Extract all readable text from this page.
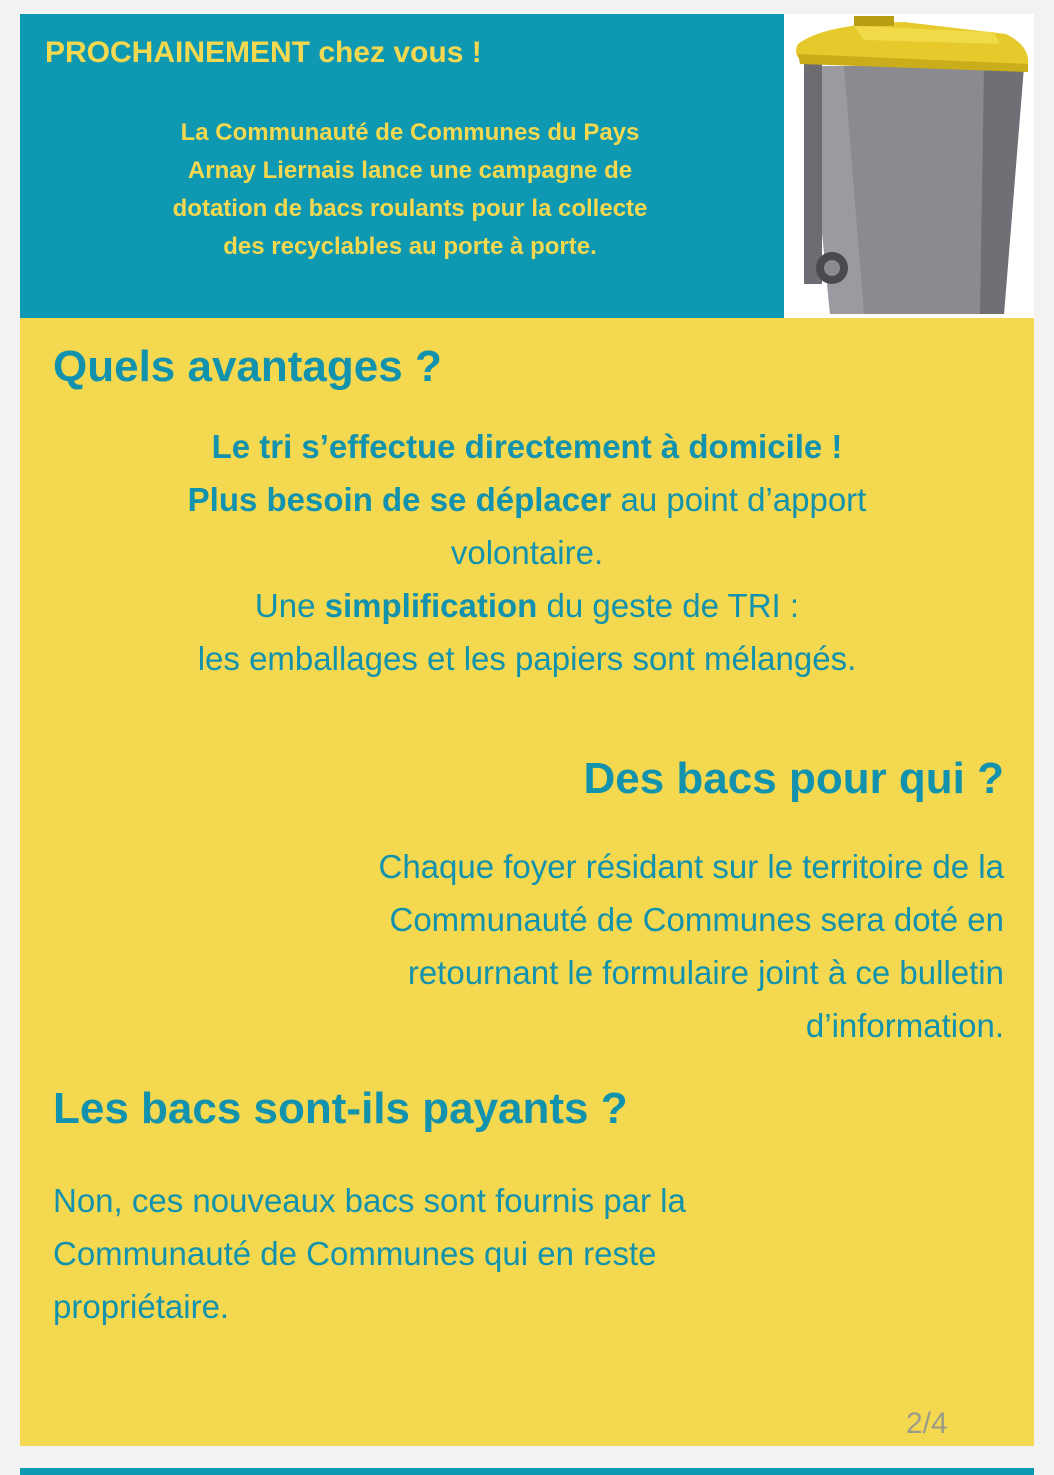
PROCHAINEMENT chez vous !
La Communauté de Communes du Pays
Arnay Liernais lance une campagne de
dotation de bacs roulants pour la collecte
des recyclables au porte à porte.
Quels avantages ?
Le tri s’effectue directement à domicile !
Plus besoin de se déplacer au point d’apport
volontaire.
Une simplification du geste de TRI :
les emballages et les papiers sont mélangés.
Des bacs pour qui ?
Chaque foyer résidant sur le territoire de la
Communauté de Communes sera doté en
retournant le formulaire joint à ce bulletin
d’information.
Les bacs sont-ils payants ?
Non, ces nouveaux bacs sont fournis par la
Communauté de Communes qui en reste
propriétaire.
2/4
